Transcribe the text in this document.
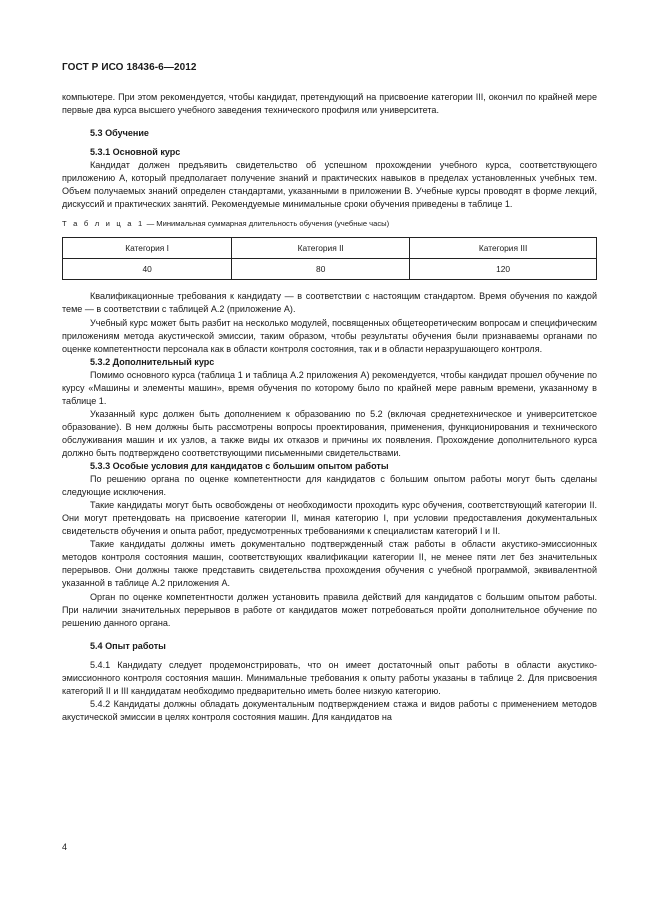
ГОСТ Р ИСО 18436-6—2012

компьютере. При этом рекомендуется, чтобы кандидат, претендующий на присвоение категории III, окончил по крайней мере первые два курса высшего учебного заведения технического профиля или университета.

5.3 Обучение

5.3.1 Основной курс

Кандидат должен предъявить свидетельство об успешном прохождении учебного курса, соответствующего приложению А, который предполагает получение знаний и практических навыков в пределах установленных учебных тем. Объем получаемых знаний определен стандартами, указанными в приложении В. Учебные курсы проводят в форме лекций, дискуссий и практических занятий. Рекомендуемые минимальные сроки обучения приведены в таблице 1.

Т а б л и ц а 1 — Минимальная суммарная длительность обучения (учебные часы)
Категория I	Категория II	Категория III
40	80	120

Квалификационные требования к кандидату — в соответствии с настоящим стандартом. Время обучения по каждой теме — в соответствии с таблицей А.2 (приложение А).

Учебный курс может быть разбит на несколько модулей, посвященных общетеоретическим вопросам и специфическим приложениям метода акустической эмиссии, таким образом, чтобы результаты обучения были признаваемы органами по оценке компетентности персонала как в области контроля состояния, так и в области неразрушающего контроля.

5.3.2 Дополнительный курс

Помимо основного курса (таблица 1 и таблица А.2 приложения А) рекомендуется, чтобы кандидат прошел обучение по курсу «Машины и элементы машин», время обучения по которому было по крайней мере равным времени, указанному в таблице 1.

Указанный курс должен быть дополнением к образованию по 5.2 (включая среднетехническое и университетское образование). В нем должны быть рассмотрены вопросы проектирования, применения, функционирования и технического обслуживания машин и их узлов, а также виды их отказов и причины их появления. Прохождение дополнительного курса должно быть подтверждено соответствующими письменными свидетельствами.

5.3.3 Особые условия для кандидатов с большим опытом работы

По решению органа по оценке компетентности для кандидатов с большим опытом работы могут быть сделаны следующие исключения.

Такие кандидаты могут быть освобождены от необходимости проходить курс обучения, соответствующий категории II. Они могут претендовать на присвоение категории II, миная категорию I, при условии предоставления документальных свидетельств обучения и опыта работ, предусмотренных требованиями к специалистам категорий I и II.

Такие кандидаты должны иметь документально подтвержденный стаж работы в области акустико-эмиссионных методов контроля состояния машин, соответствующих квалификации категории II, не менее пяти лет без значительных перерывов. Они должны также представить свидетельства прохождения обучения с учебной программой, эквивалентной указанной в таблице А.2 приложения А.

Орган по оценке компетентности должен установить правила действий для кандидатов с большим опытом работы. При наличии значительных перерывов в работе от кандидатов может потребоваться пройти дополнительное обучение по решению данного органа.

5.4 Опыт работы

5.4.1 Кандидату следует продемонстрировать, что он имеет достаточный опыт работы в области акустико-эмиссионного контроля состояния машин. Минимальные требования к опыту работы указаны в таблице 2. Для присвоения категорий II и III кандидатам необходимо предварительно иметь более низкую категорию.

5.4.2 Кандидаты должны обладать документальным подтверждением стажа и видов работы с применением методов акустической эмиссии в целях контроля состояния машин. Для кандидатов на

4
